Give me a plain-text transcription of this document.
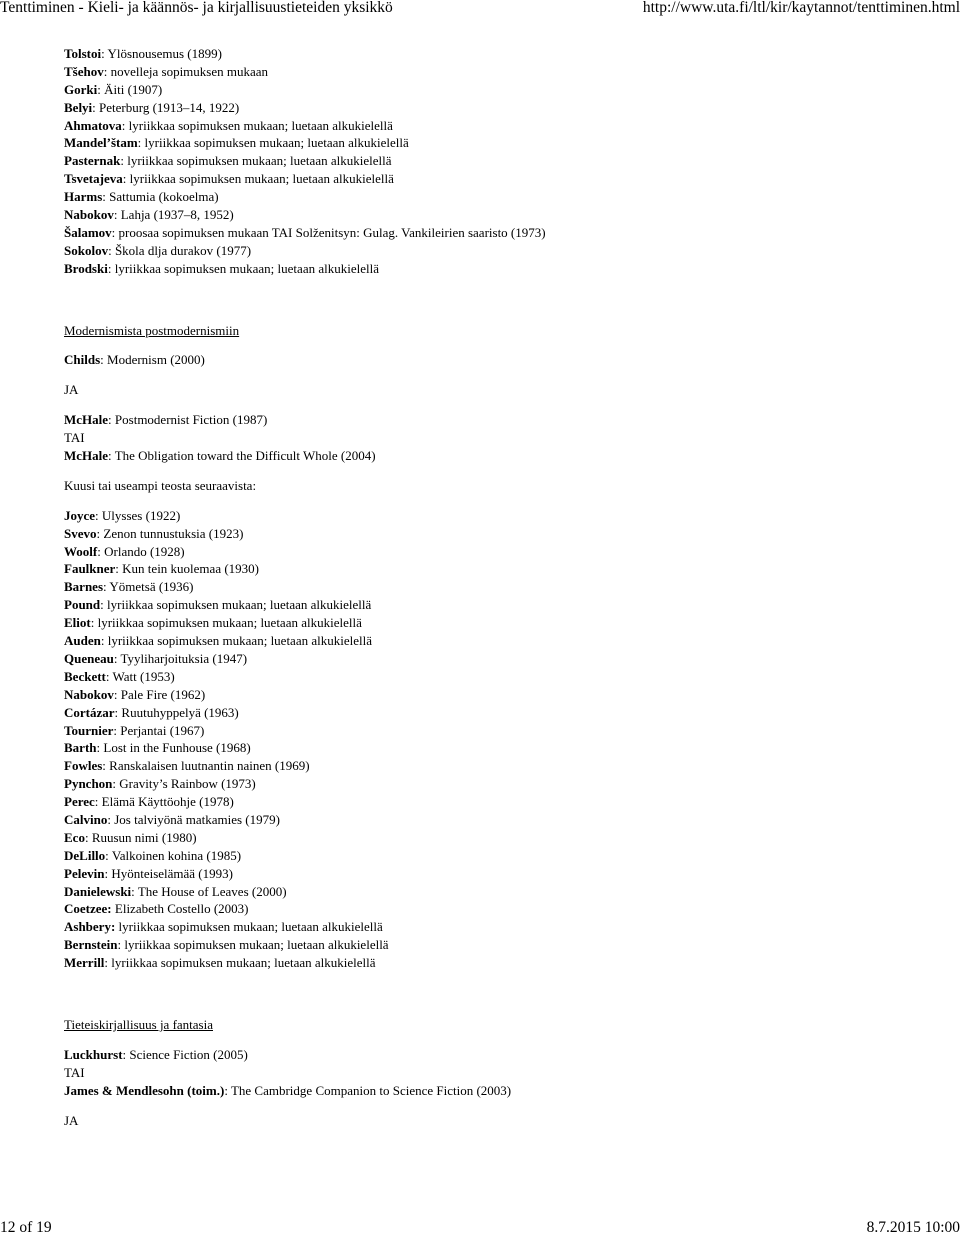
Tenttiminen - Kieli- ja käännös- ja kirjallisuustieteiden yksikkö	http://www.uta.fi/ltl/kir/kaytannot/tenttiminen.html
Tolstoi: Ylösnousemus (1899)
Tšehov: novelleja sopimuksen mukaan
Gorki: Äiti (1907)
Belyi: Peterburg (1913–14, 1922)
Ahmatova: lyriikkaa sopimuksen mukaan; luetaan alkukielellä
Mandel’štam: lyriikkaa sopimuksen mukaan; luetaan alkukielellä
Pasternak: lyriikkaa sopimuksen mukaan; luetaan alkukielellä
Tsvetajeva: lyriikkaa sopimuksen mukaan; luetaan alkukielellä
Harms: Sattumia (kokoelma)
Nabokov: Lahja (1937–8, 1952)
Šalamov: proosaa sopimuksen mukaan TAI Solženitsyn: Gulag. Vankileirien saaristo (1973)
Sokolov: Škola dlja durakov (1977)
Brodski: lyriikkaa sopimuksen mukaan; luetaan alkukielellä
Modernismista postmodernismiin
Childs: Modernism (2000)
JA
McHale: Postmodernist Fiction (1987)
TAI
McHale: The Obligation toward the Difficult Whole (2004)
Kuusi tai useampi teosta seuraavista:
Joyce: Ulysses (1922)
Svevo: Zenon tunnustuksia (1923)
Woolf: Orlando (1928)
Faulkner: Kun tein kuolemaa (1930)
Barnes: Yömetsä (1936)
Pound: lyriikkaa sopimuksen mukaan; luetaan alkukielellä
Eliot: lyriikkaa sopimuksen mukaan; luetaan alkukielellä
Auden: lyriikkaa sopimuksen mukaan; luetaan alkukielellä
Queneau: Tyyliharjoituksia (1947)
Beckett: Watt (1953)
Nabokov: Pale Fire (1962)
Cortázar: Ruutuhyppelyä (1963)
Tournier: Perjantai (1967)
Barth: Lost in the Funhouse (1968)
Fowles: Ranskalaisen luutnantin nainen (1969)
Pynchon: Gravity’s Rainbow (1973)
Perec: Elämä Käyttöohje (1978)
Calvino: Jos talviyönä matkamies (1979)
Eco: Ruusun nimi (1980)
DeLillo: Valkoinen kohina (1985)
Pelevin: Hyönteiselämää (1993)
Danielewski: The House of Leaves (2000)
Coetzee: Elizabeth Costello (2003)
Ashbery: lyriikkaa sopimuksen mukaan; luetaan alkukielellä
Bernstein: lyriikkaa sopimuksen mukaan; luetaan alkukielellä
Merrill: lyriikkaa sopimuksen mukaan; luetaan alkukielellä
Tieteiskirjallisuus ja fantasia
Luckhurst: Science Fiction (2005)
TAI
James & Mendlesohn (toim.): The Cambridge Companion to Science Fiction (2003)
JA
12 of 19	8.7.2015 10:00
